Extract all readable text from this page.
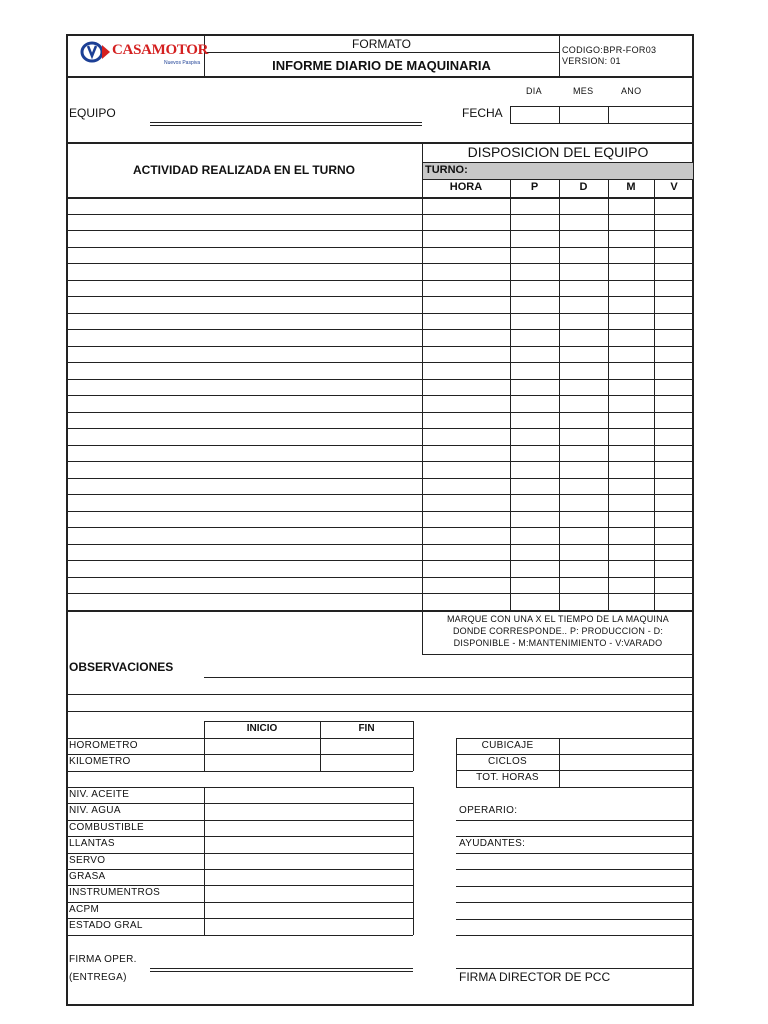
CASAMOTOR
Nuevos Paspiva
FORMATO
INFORME DIARIO DE MAQUINARIA
CODIGO:BPR-FOR03
VERSION: 01
DIA	MES	ANO
EQUIPO	FECHA
ACTIVIDAD REALIZADA EN EL TURNO
DISPOSICION DEL EQUIPO
TURNO:
HORA	P	D	M	V
MARQUE CON UNA X EL TIEMPO DE LA MAQUINA
DONDE CORRESPONDE.. P: PRODUCCION - D:
DISPONIBLE - M:MANTENIMIENTO - V:VARADO
OBSERVACIONES
INICIO	FIN
HOROMETRO
KILOMETRO
CUBICAJE
CICLOS
TOT. HORAS
NIV. ACEITE
NIV. AGUA
COMBUSTIBLE
LLANTAS
SERVO
GRASA
INSTRUMENTROS
ACPM
ESTADO GRAL
OPERARIO:
AYUDANTES:
FIRMA OPER.
(ENTREGA)	FIRMA DIRECTOR DE PCC
